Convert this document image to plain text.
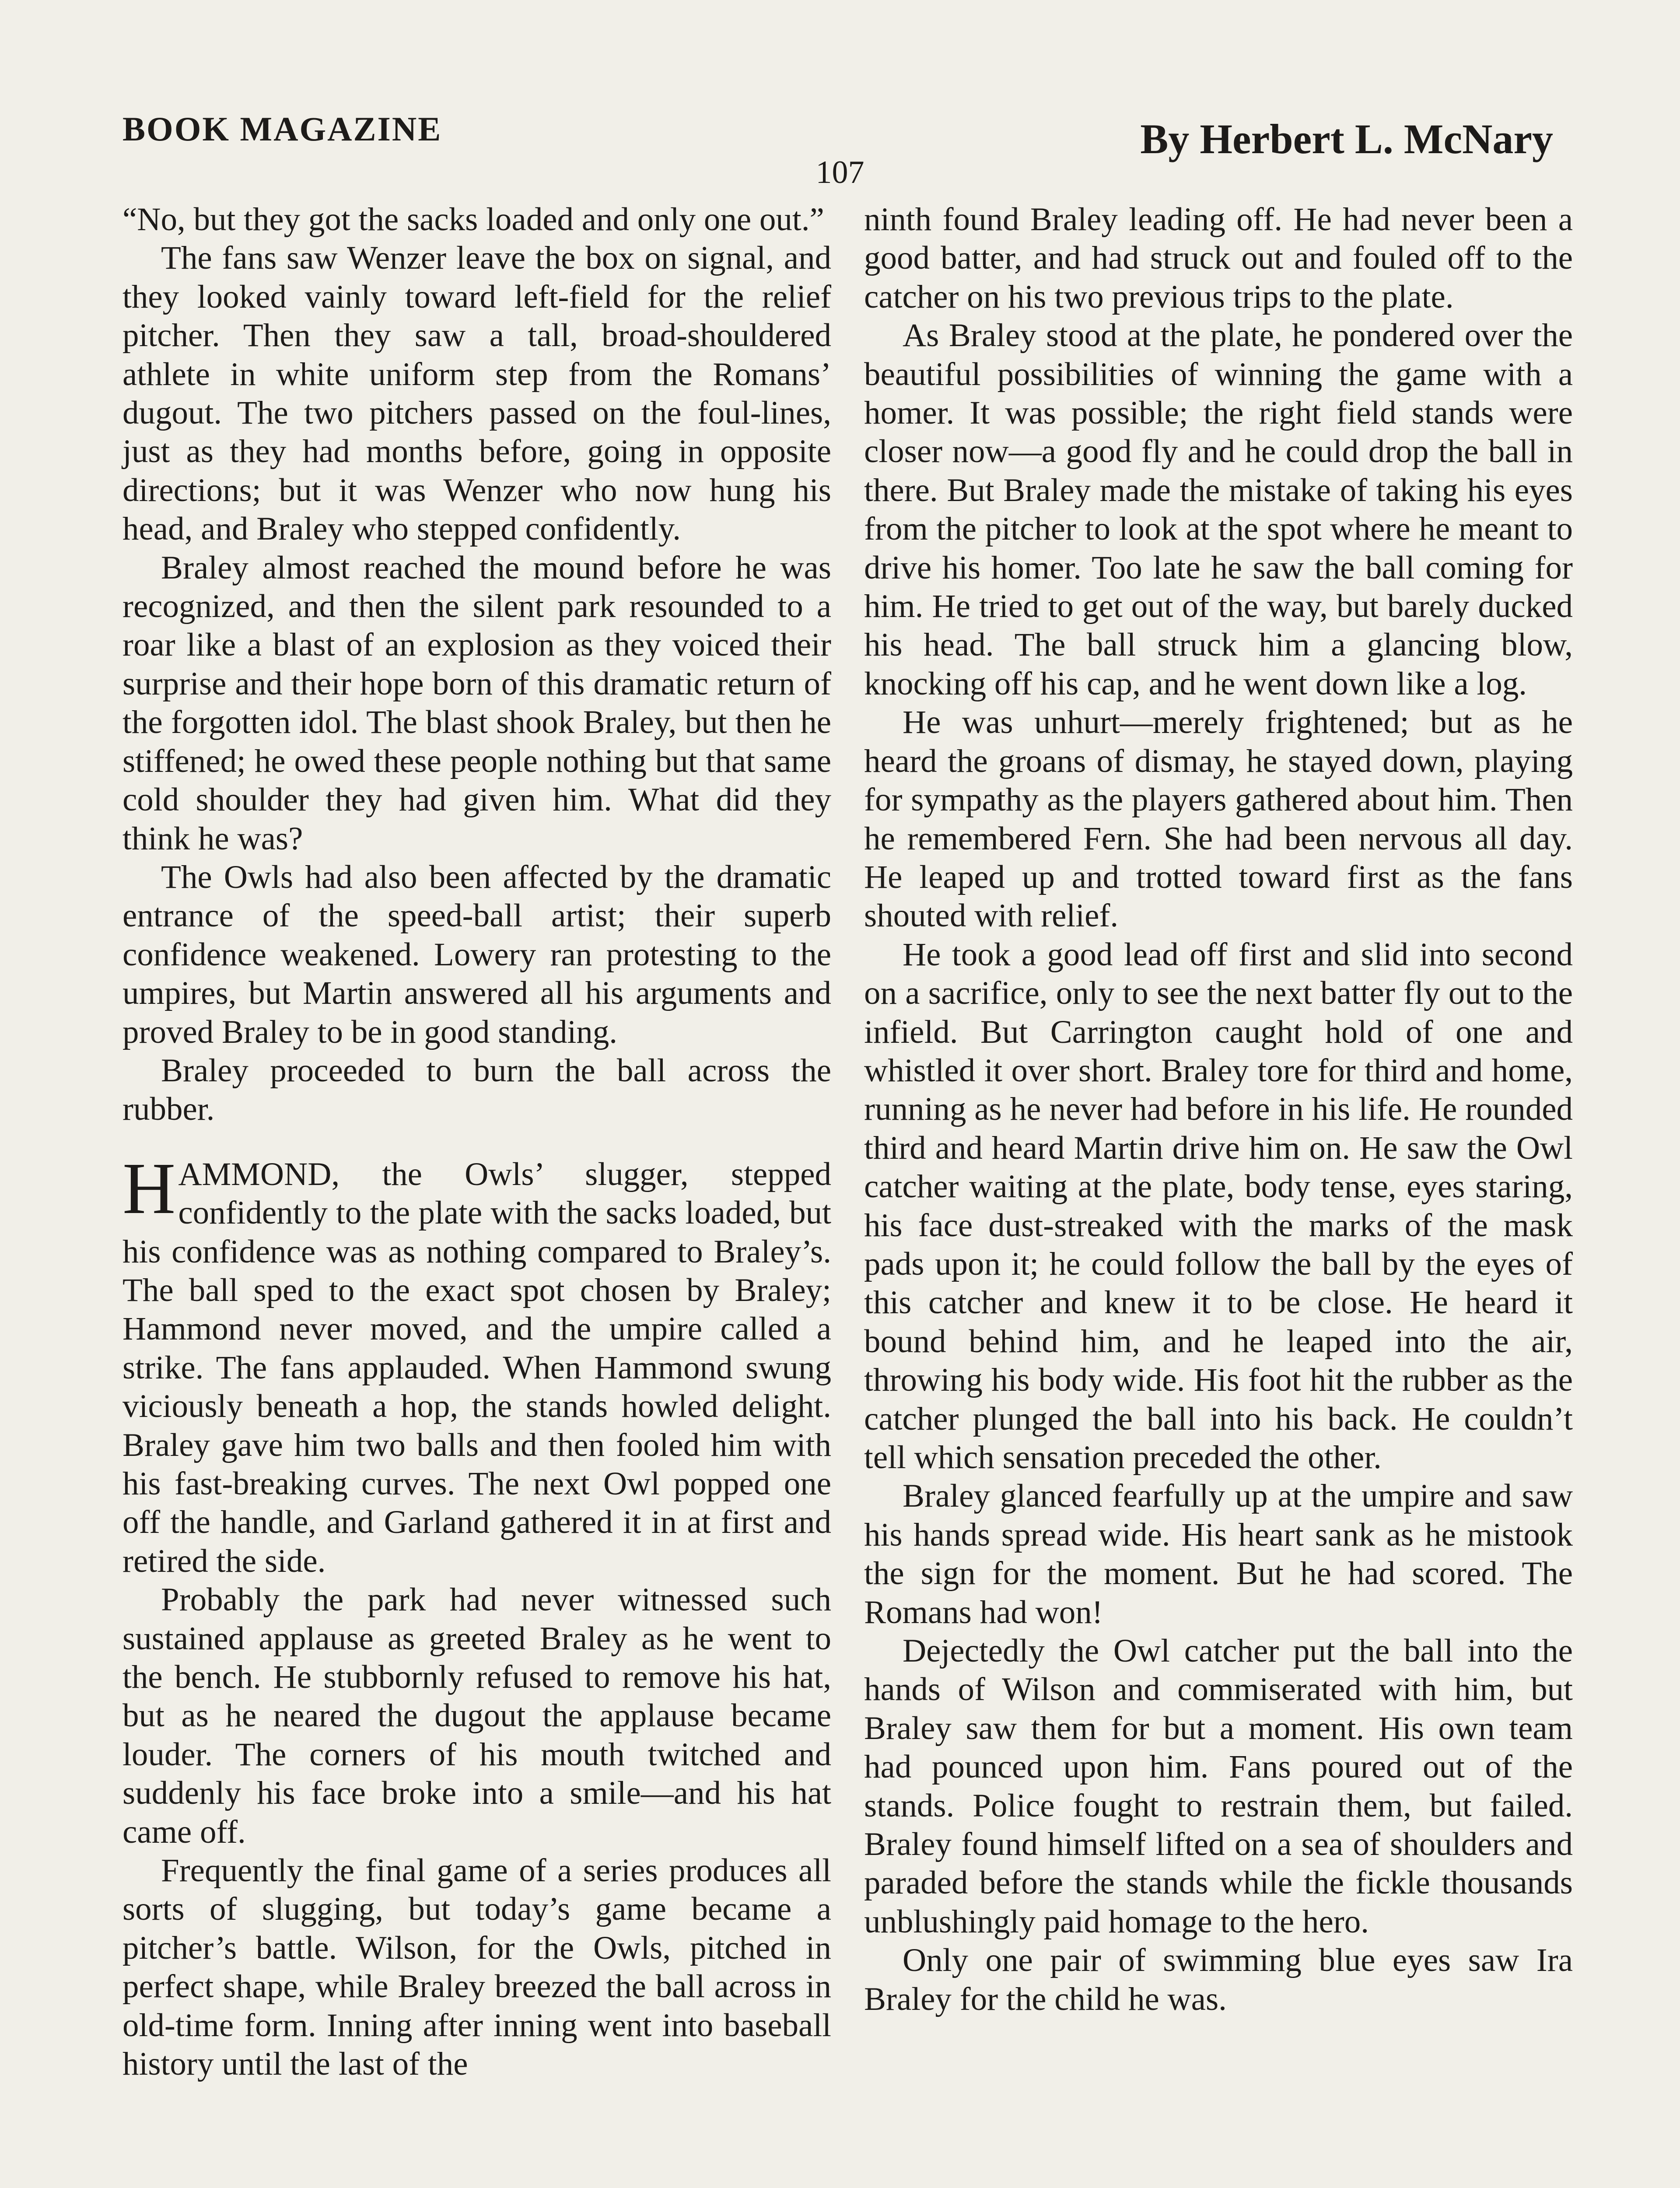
BOOK MAGAZINE	By Herbert L. McNary
107

“No, but they got the sacks loaded and only one out.”

The fans saw Wenzer leave the box on signal, and they looked vainly toward left-field for the relief pitcher. Then they saw a tall, broad-shouldered athlete in white uniform step from the Romans’ dugout. The two pitchers passed on the foul-lines, just as they had months before, going in opposite directions; but it was Wenzer who now hung his head, and Braley who stepped confidently.

Braley almost reached the mound before he was recognized, and then the silent park resounded to a roar like a blast of an explosion as they voiced their surprise and their hope born of this dramatic return of the forgotten idol. The blast shook Braley, but then he stiffened; he owed these people nothing but that same cold shoulder they had given him. What did they think he was?

The Owls had also been affected by the dramatic entrance of the speed-ball artist; their superb confidence weakened. Lowery ran protesting to the umpires, but Martin answered all his arguments and proved Braley to be in good standing.

Braley proceeded to burn the ball across the rubber.

HAMMOND, the Owls’ slugger, stepped confidently to the plate with the sacks loaded, but his confidence was as nothing compared to Braley’s. The ball sped to the exact spot chosen by Braley; Hammond never moved, and the umpire called a strike. The fans applauded. When Hammond swung viciously beneath a hop, the stands howled delight. Braley gave him two balls and then fooled him with his fast-breaking curves. The next Owl popped one off the handle, and Garland gathered it in at first and retired the side.

Probably the park had never witnessed such sustained applause as greeted Braley as he went to the bench. He stubbornly refused to remove his hat, but as he neared the dugout the applause became louder. The corners of his mouth twitched and suddenly his face broke into a smile—and his hat came off.

Frequently the final game of a series produces all sorts of slugging, but today’s game became a pitcher’s battle. Wilson, for the Owls, pitched in perfect shape, while Braley breezed the ball across in old-time form. Inning after inning went into baseball history until the last of the

ninth found Braley leading off. He had never been a good batter, and had struck out and fouled off to the catcher on his two previous trips to the plate.

As Braley stood at the plate, he pondered over the beautiful possibilities of winning the game with a homer. It was possible; the right field stands were closer now—a good fly and he could drop the ball in there. But Braley made the mistake of taking his eyes from the pitcher to look at the spot where he meant to drive his homer. Too late he saw the ball coming for him. He tried to get out of the way, but barely ducked his head. The ball struck him a glancing blow, knocking off his cap, and he went down like a log.

He was unhurt—merely frightened; but as he heard the groans of dismay, he stayed down, playing for sympathy as the players gathered about him. Then he remembered Fern. She had been nervous all day. He leaped up and trotted toward first as the fans shouted with relief.

He took a good lead off first and slid into second on a sacrifice, only to see the next batter fly out to the infield. But Carrington caught hold of one and whistled it over short. Braley tore for third and home, running as he never had before in his life. He rounded third and heard Martin drive him on. He saw the Owl catcher waiting at the plate, body tense, eyes staring, his face dust-streaked with the marks of the mask pads upon it; he could follow the ball by the eyes of this catcher and knew it to be close. He heard it bound behind him, and he leaped into the air, throwing his body wide. His foot hit the rubber as the catcher plunged the ball into his back. He couldn’t tell which sensation preceded the other.

Braley glanced fearfully up at the umpire and saw his hands spread wide. His heart sank as he mistook the sign for the moment. But he had scored. The Romans had won!

Dejectedly the Owl catcher put the ball into the hands of Wilson and commiserated with him, but Braley saw them for but a moment. His own team had pounced upon him. Fans poured out of the stands. Police fought to restrain them, but failed. Braley found himself lifted on a sea of shoulders and paraded before the stands while the fickle thousands unblushingly paid homage to the hero.

Only one pair of swimming blue eyes saw Ira Braley for the child he was.
